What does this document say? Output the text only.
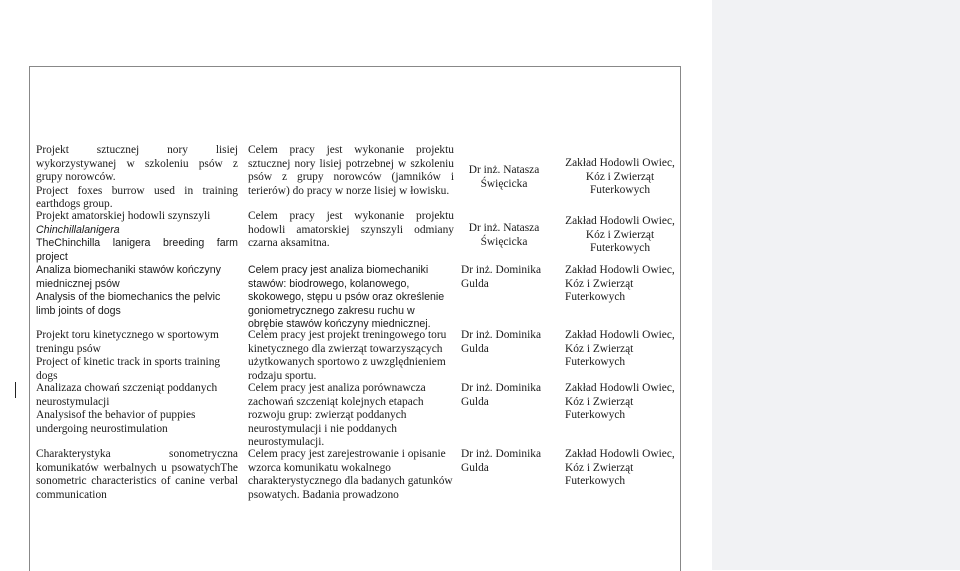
Projekt sztucznej nory lisiej wykorzystywanej w szkoleniu psów z grupy norowców.

Project foxes burrow used in training earthdogs group.

Celem pracy jest wykonanie projektu sztucznej nory lisiej potrzebnej w szkoleniu psów z grupy norowców (jamników i terierów) do pracy w norze lisiej w łowisku.
Dr inż. Natasza Święcicka
Zakład Hodowli Owiec, Kóz i Zwierząt Futerkowych

Projekt amatorskiej hodowli szynszyli

Chinchillalanigera

TheChinchilla lanigera breeding farm project

Celem pracy jest wykonanie projektu hodowli amatorskiej szynszyli odmiany czarna aksamitna.
Dr inż. Natasza Święcicka
Zakład Hodowli Owiec, Kóz i Zwierząt Futerkowych

Analiza biomechaniki stawów kończyny miednicznej psów

Analysis of the biomechanics the pelvic limb joints of dogs

Celem pracy jest analiza biomechaniki stawów: biodrowego, kolanowego, skokowego, stępu u psów oraz określenie goniometrycznego zakresu ruchu w obrębie stawów kończyny miednicznej.
Dr inż. Dominika Gulda
Zakład Hodowli Owiec, Kóz i Zwierząt Futerkowych

Projekt toru kinetycznego w sportowym treningu psów

Project of kinetic track in sports training dogs

Celem pracy jest projekt treningowego toru kinetycznego dla zwierząt towarzyszących użytkowanych sportowo z uwzględnieniem rodzaju sportu.
Dr inż. Dominika Gulda
Zakład Hodowli Owiec, Kóz i Zwierząt Futerkowych

Analizaza chowań szczeniąt poddanych neurostymulacji

Analysisof the behavior of puppies undergoing neurostimulation

Celem pracy jest analiza porównawcza zachowań szczeniąt kolejnych etapach rozwoju grup: zwierząt poddanych neurostymulacji i nie poddanych neurostymulacji.
Dr inż. Dominika Gulda
Zakład Hodowli Owiec, Kóz i Zwierząt Futerkowych
Charakterystyka sonometryczna komunikatów werbalnych u psowatychThe sonometric characteristics of canine verbal communication
Celem pracy jest zarejestrowanie i opisanie wzorca komunikatu wokalnego charakterystycznego dla badanych gatunków psowatych. Badania prowadzono
Dr inż. Dominika Gulda
Zakład Hodowli Owiec, Kóz i Zwierząt Futerkowych
